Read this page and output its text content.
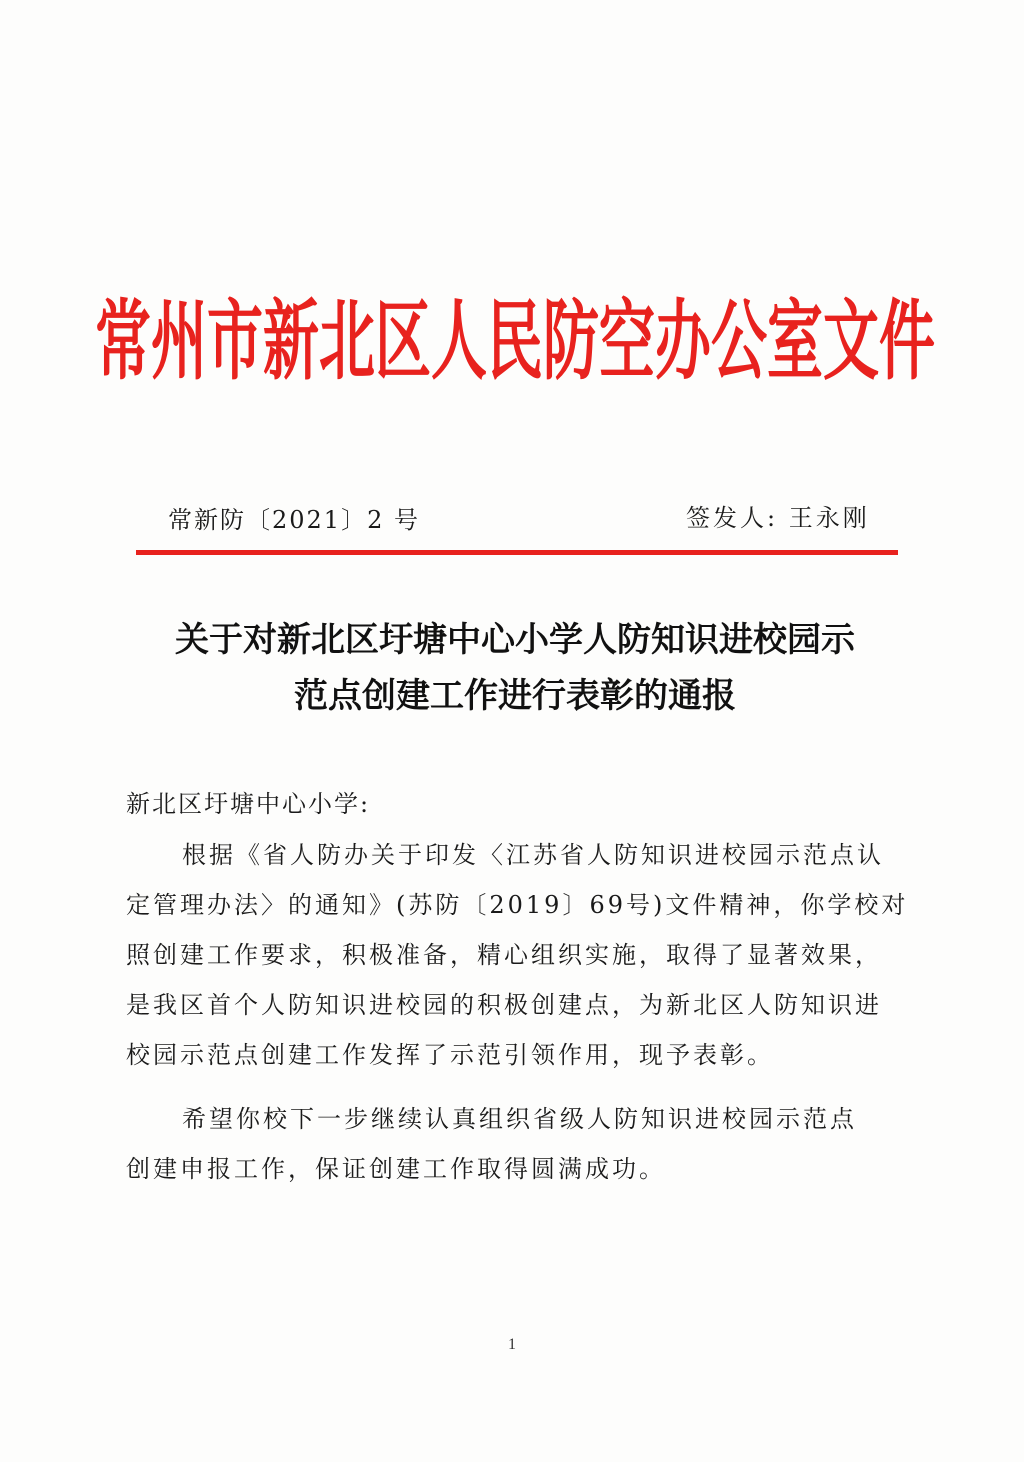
常州市新北区人民防空办公室文件
常新防〔2021〕2 号	签发人: 王永刚
关于对新北区圩塘中心小学人防知识进校园示
范点创建工作进行表彰的通报
新北区圩塘中心小学:
根据《省人防办关于印发〈江苏省人防知识进校园示范点认
定管理办法〉的通知》(苏防〔2019〕69号)文件精神，你学校对
照创建工作要求，积极准备，精心组织实施，取得了显著效果，
是我区首个人防知识进校园的积极创建点，为新北区人防知识进
校园示范点创建工作发挥了示范引领作用，现予表彰。
希望你校下一步继续认真组织省级人防知识进校园示范点
创建申报工作，保证创建工作取得圆满成功。
1
